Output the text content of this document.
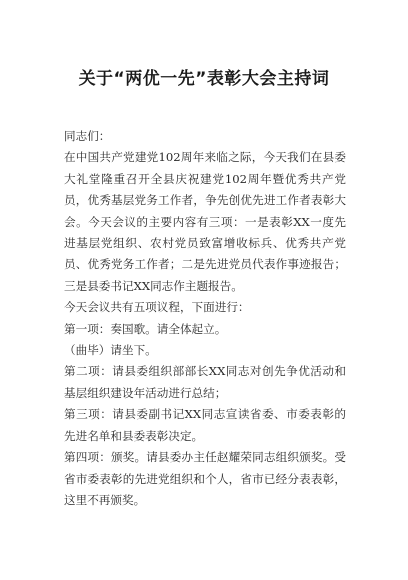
关于“两优一先”表彰大会主持词

同志们：

在中国共产党建党102周年来临之际，今天我们在县委大礼堂隆重召开全县庆祝建党102周年暨优秀共产党员，优秀基层党务工作者，争先创优先进工作者表彰大会。今天会议的主要内容有三项：一是表彰XX一度先进基层党组织、农村党员致富增收标兵、优秀共产党员、优秀党务工作者；二是先进党员代表作事迹报告；三是县委书记XX同志作主题报告。

今天会议共有五项议程，下面进行：

第一项：奏国歌。请全体起立。

（曲毕）请坐下。

第二项：请县委组织部部长XX同志对创先争优活动和基层组织建设年活动进行总结；

第三项：请县委副书记XX同志宣读省委、市委表彰的先进名单和县委表彰决定。

第四项：颁奖。请县委办主任赵耀荣同志组织颁奖。受省市委表彰的先进党组织和个人，省市已经分表表彰，这里不再颁奖。
